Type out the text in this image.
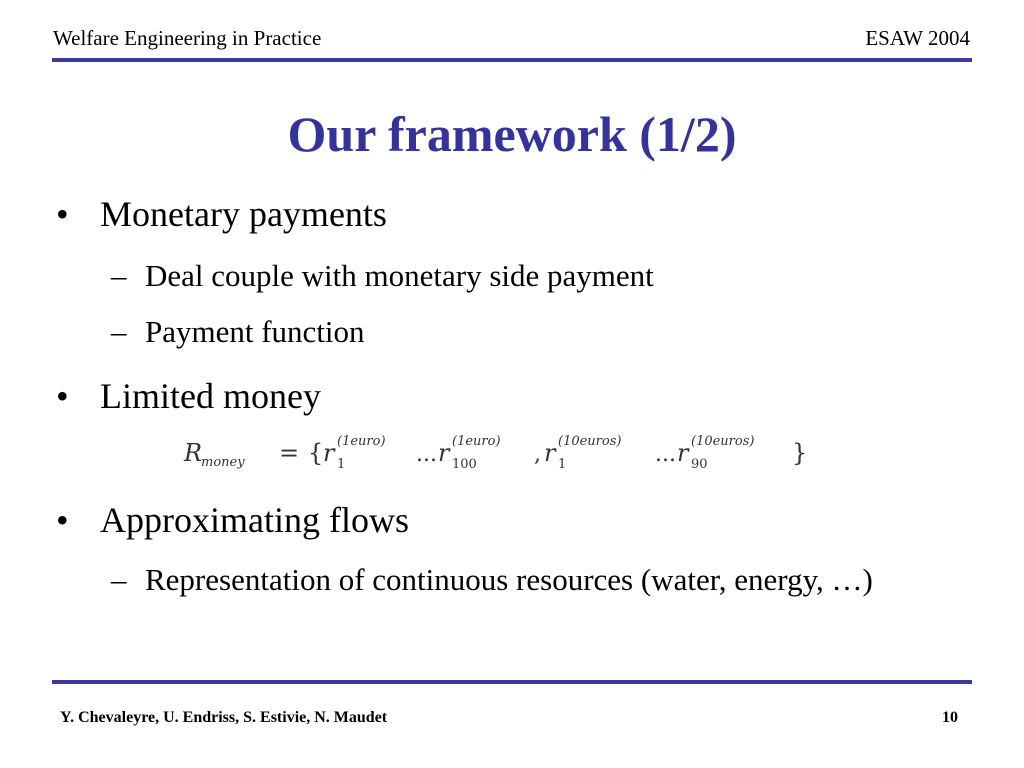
Welfare Engineering in Practice	ESAW 2004
Our framework (1/2)
• Monetary payments
– Deal couple with monetary side payment
– Payment function
• Limited money
R
money = { r (1euro)
1	... r (1euro)
100	, r (10euros)
1	... r (10euros)
90	}
• Approximating flows
– Representation of continuous resources (water, energy, …)
Y. Chevaleyre, U. Endriss, S. Estivie, N. Maudet	10
